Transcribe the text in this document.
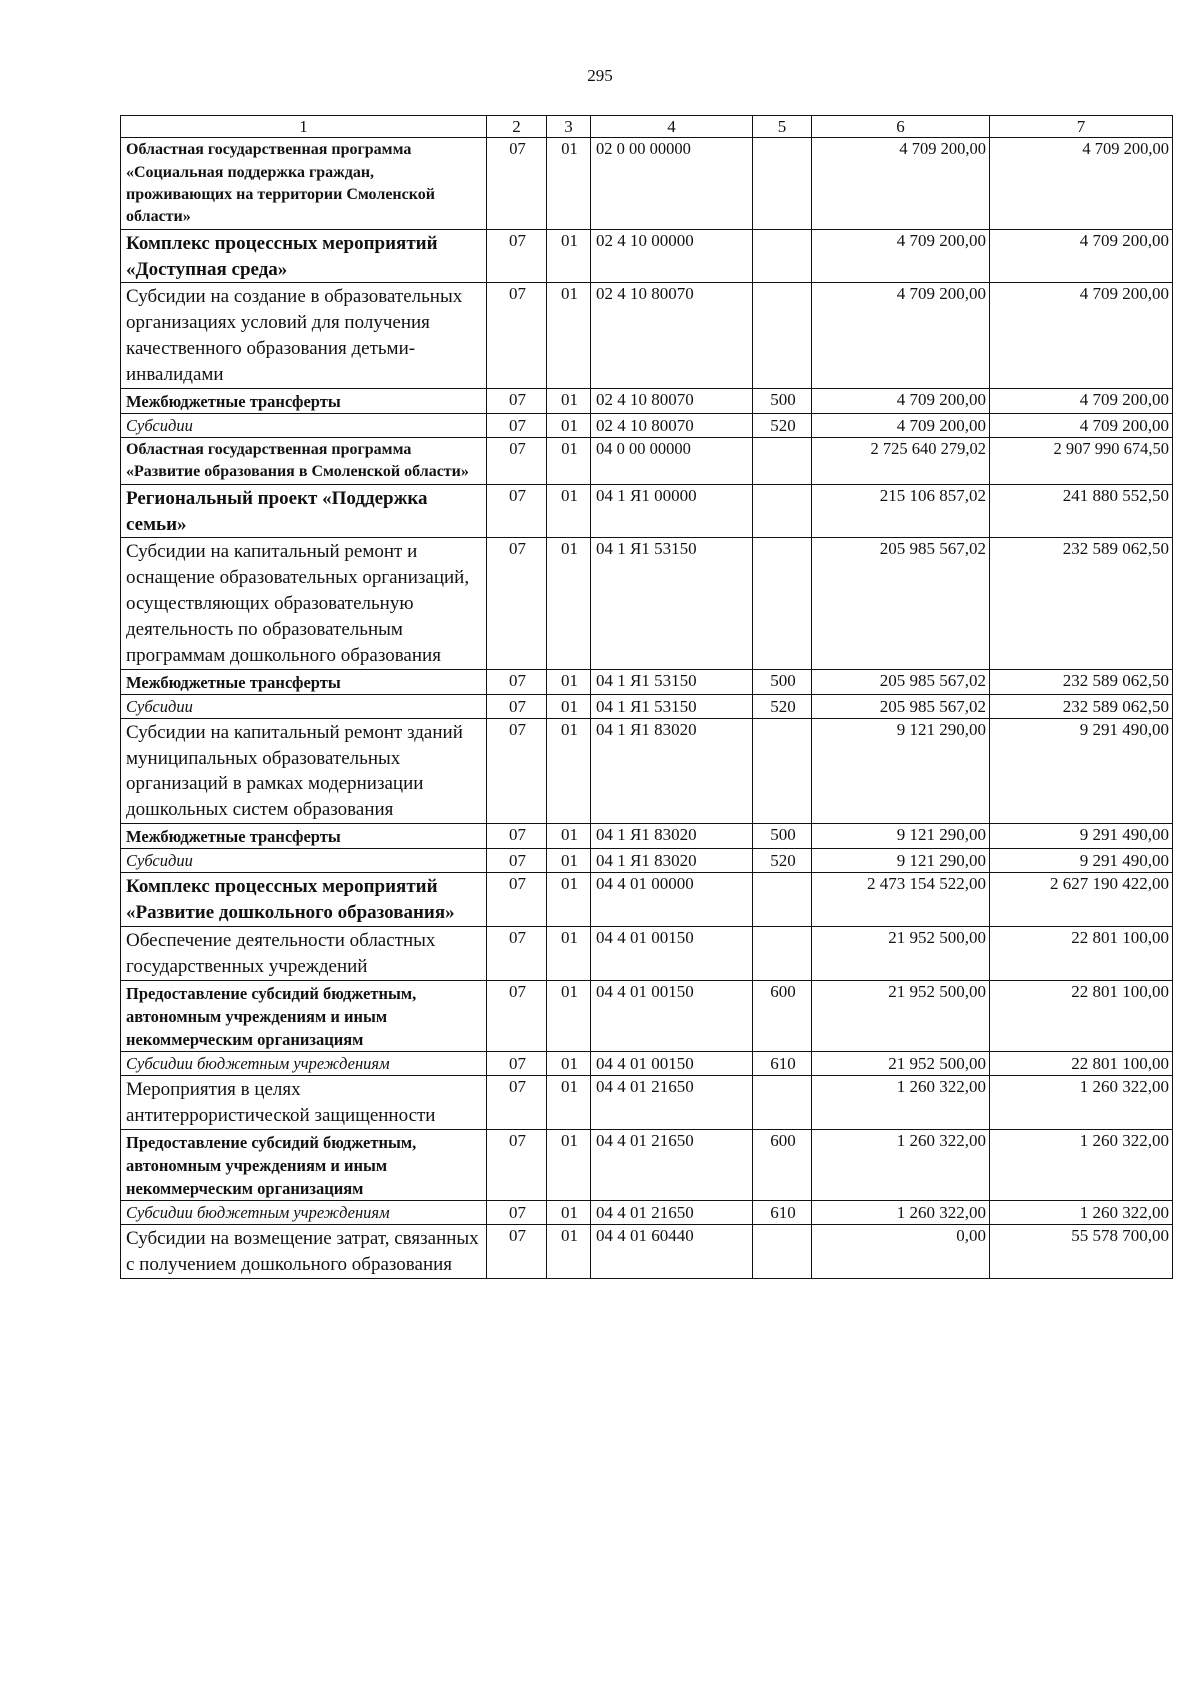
295
1	2	3	4	5	6	7
Областная государственная программа «Социальная поддержка граждан, проживающих на территории Смоленской области»	07	01	02 0 00 00000		4 709 200,00	4 709 200,00
Комплекс процессных мероприятий «Доступная среда»	07	01	02 4 10 00000		4 709 200,00	4 709 200,00
Субсидии на создание в образовательных организациях условий для получения качественного образования детьми-инвалидами	07	01	02 4 10 80070		4 709 200,00	4 709 200,00
Межбюджетные трансферты	07	01	02 4 10 80070	500	4 709 200,00	4 709 200,00
Субсидии	07	01	02 4 10 80070	520	4 709 200,00	4 709 200,00
Областная государственная программа «Развитие образования в Смоленской области»	07	01	04 0 00 00000		2 725 640 279,02	2 907 990 674,50
Региональный проект «Поддержка семьи»	07	01	04 1 Я1 00000		215 106 857,02	241 880 552,50
Субсидии на капитальный ремонт и оснащение образовательных организаций, осуществляющих образовательную деятельность по образовательным программам дошкольного образования	07	01	04 1 Я1 53150		205 985 567,02	232 589 062,50
Межбюджетные трансферты	07	01	04 1 Я1 53150	500	205 985 567,02	232 589 062,50
Субсидии	07	01	04 1 Я1 53150	520	205 985 567,02	232 589 062,50
Субсидии на капитальный ремонт зданий муниципальных образовательных организаций в рамках модернизации дошкольных систем образования	07	01	04 1 Я1 83020		9 121 290,00	9 291 490,00
Межбюджетные трансферты	07	01	04 1 Я1 83020	500	9 121 290,00	9 291 490,00
Субсидии	07	01	04 1 Я1 83020	520	9 121 290,00	9 291 490,00
Комплекс процессных мероприятий «Развитие дошкольного образования»	07	01	04 4 01 00000		2 473 154 522,00	2 627 190 422,00
Обеспечение деятельности областных государственных учреждений	07	01	04 4 01 00150		21 952 500,00	22 801 100,00
Предоставление субсидий бюджетным, автономным учреждениям и иным некоммерческим организациям	07	01	04 4 01 00150	600	21 952 500,00	22 801 100,00
Субсидии бюджетным учреждениям	07	01	04 4 01 00150	610	21 952 500,00	22 801 100,00
Мероприятия в целях антитеррористической защищенности	07	01	04 4 01 21650		1 260 322,00	1 260 322,00
Предоставление субсидий бюджетным, автономным учреждениям и иным некоммерческим организациям	07	01	04 4 01 21650	600	1 260 322,00	1 260 322,00
Субсидии бюджетным учреждениям	07	01	04 4 01 21650	610	1 260 322,00	1 260 322,00
Субсидии на возмещение затрат, связанных с получением дошкольного образования	07	01	04 4 01 60440		0,00	55 578 700,00
